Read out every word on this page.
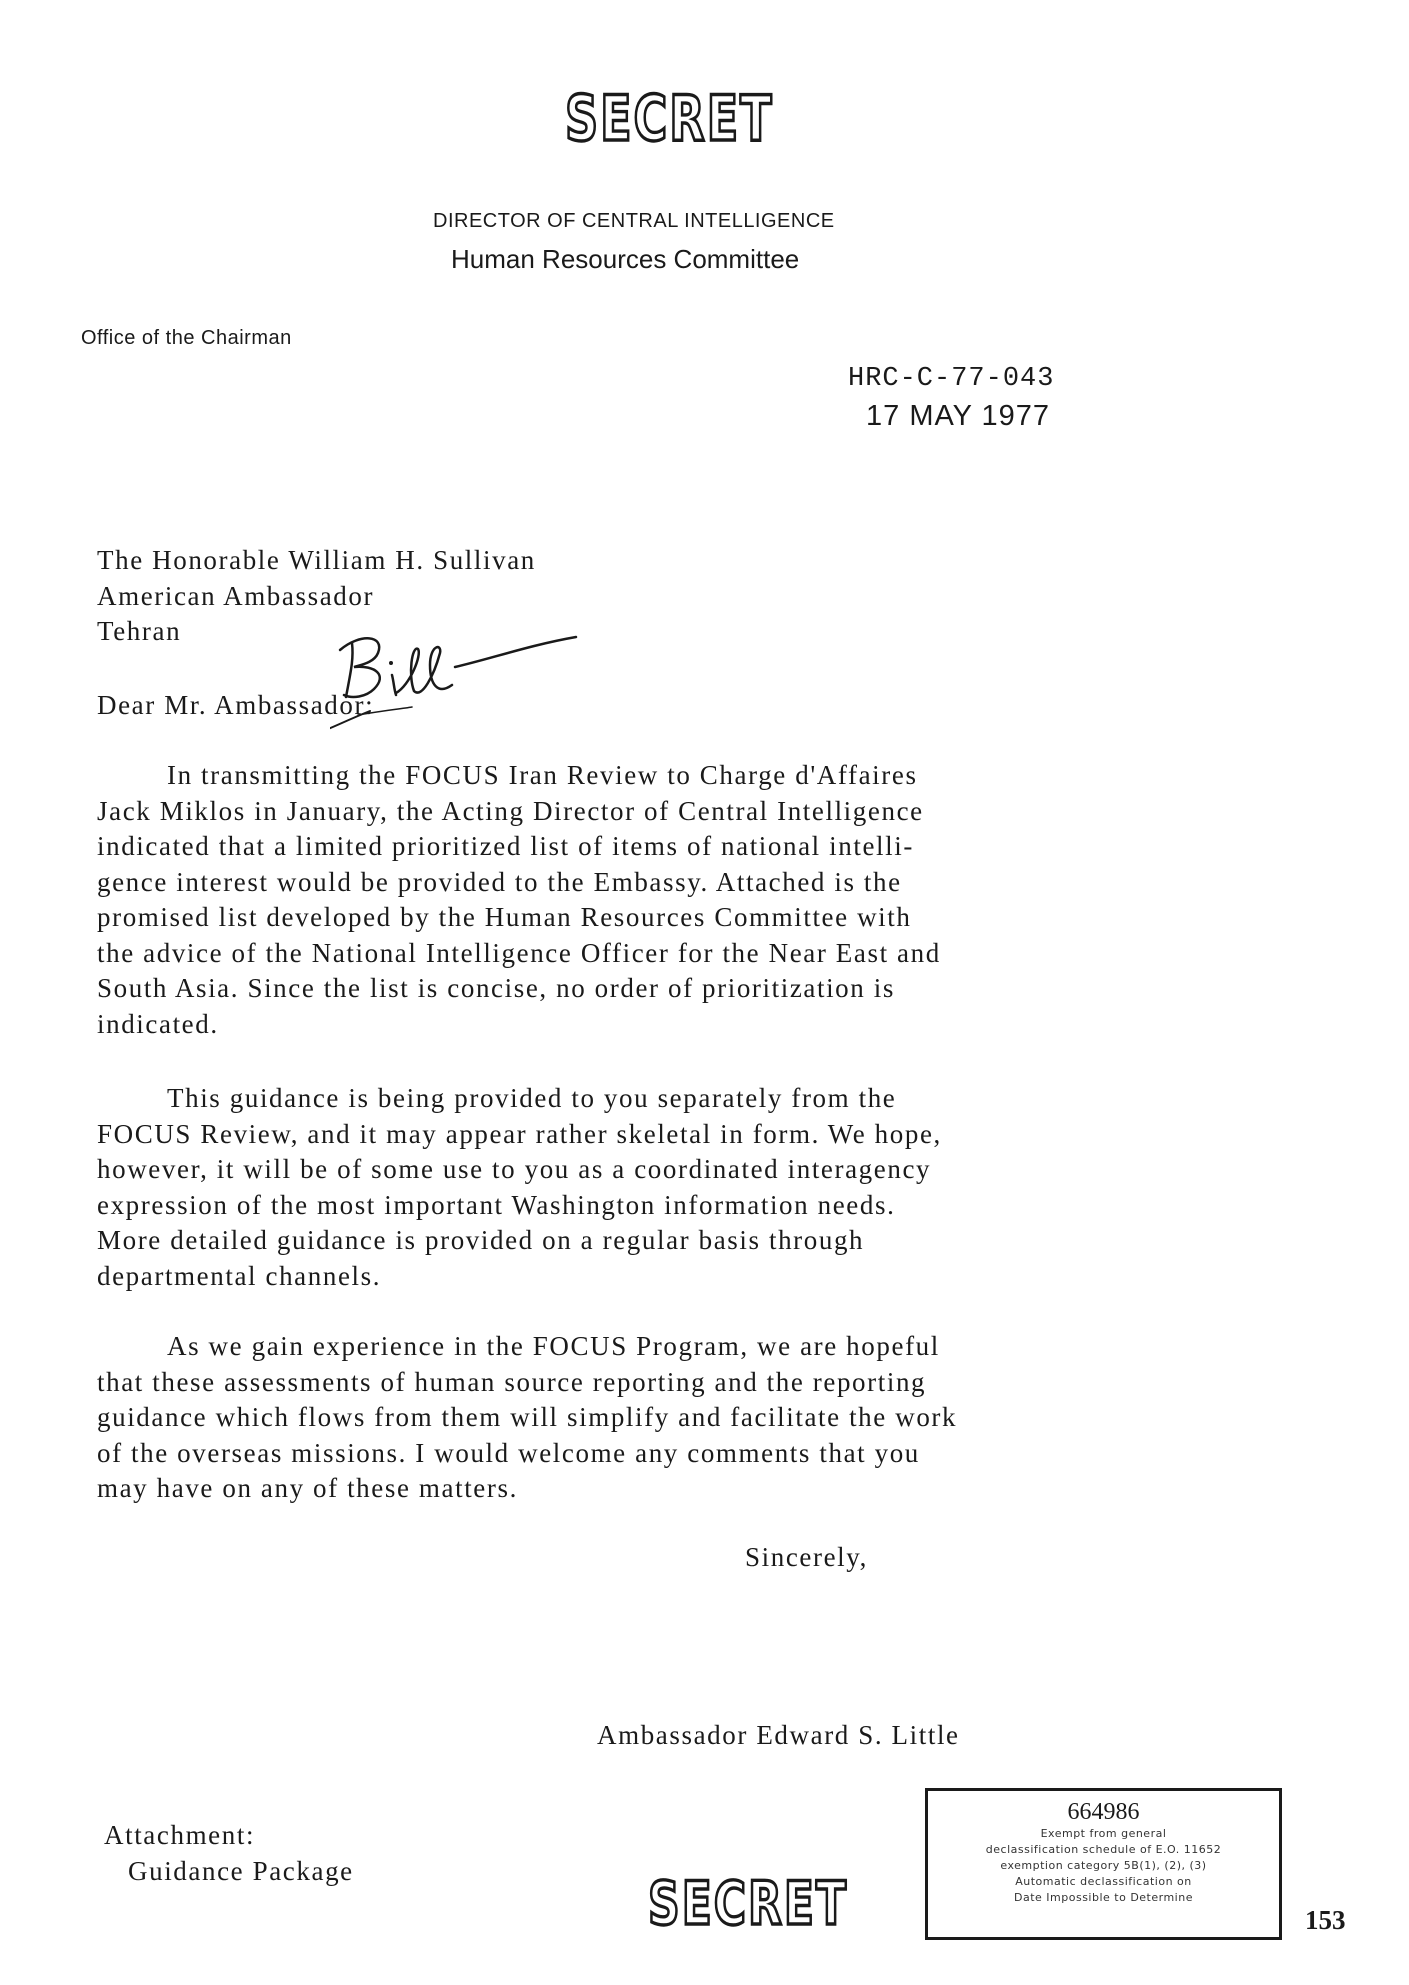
SECRET
DIRECTOR OF CENTRAL INTELLIGENCE
Human Resources Committee
Office of the Chairman
HRC-C-77-043
17 MAY 1977
The Honorable William H. Sullivan
American Ambassador
Tehran
Dear Mr. Ambassador:
In transmitting the FOCUS Iran Review to Charge d'Affaires
Jack Miklos in January, the Acting Director of Central Intelligence
indicated that a limited prioritized list of items of national intelli-
gence interest would be provided to the Embassy. Attached is the
promised list developed by the Human Resources Committee with
the advice of the National Intelligence Officer for the Near East and
South Asia. Since the list is concise, no order of prioritization is
indicated.
This guidance is being provided to you separately from the
FOCUS Review, and it may appear rather skeletal in form. We hope,
however, it will be of some use to you as a coordinated interagency
expression of the most important Washington information needs.
More detailed guidance is provided on a regular basis through
departmental channels.
As we gain experience in the FOCUS Program, we are hopeful
that these assessments of human source reporting and the reporting
guidance which flows from them will simplify and facilitate the work
of the overseas missions. I would welcome any comments that you
may have on any of these matters.
Sincerely,
Ambassador Edward S. Little
Attachment:
Guidance Package	SECRET
664986
Exempt from general
declassification schedule of E.O. 11652
exemption category 5B(1), (2), (3)
Automatic declassification on
Date Impossible to Determine
153
